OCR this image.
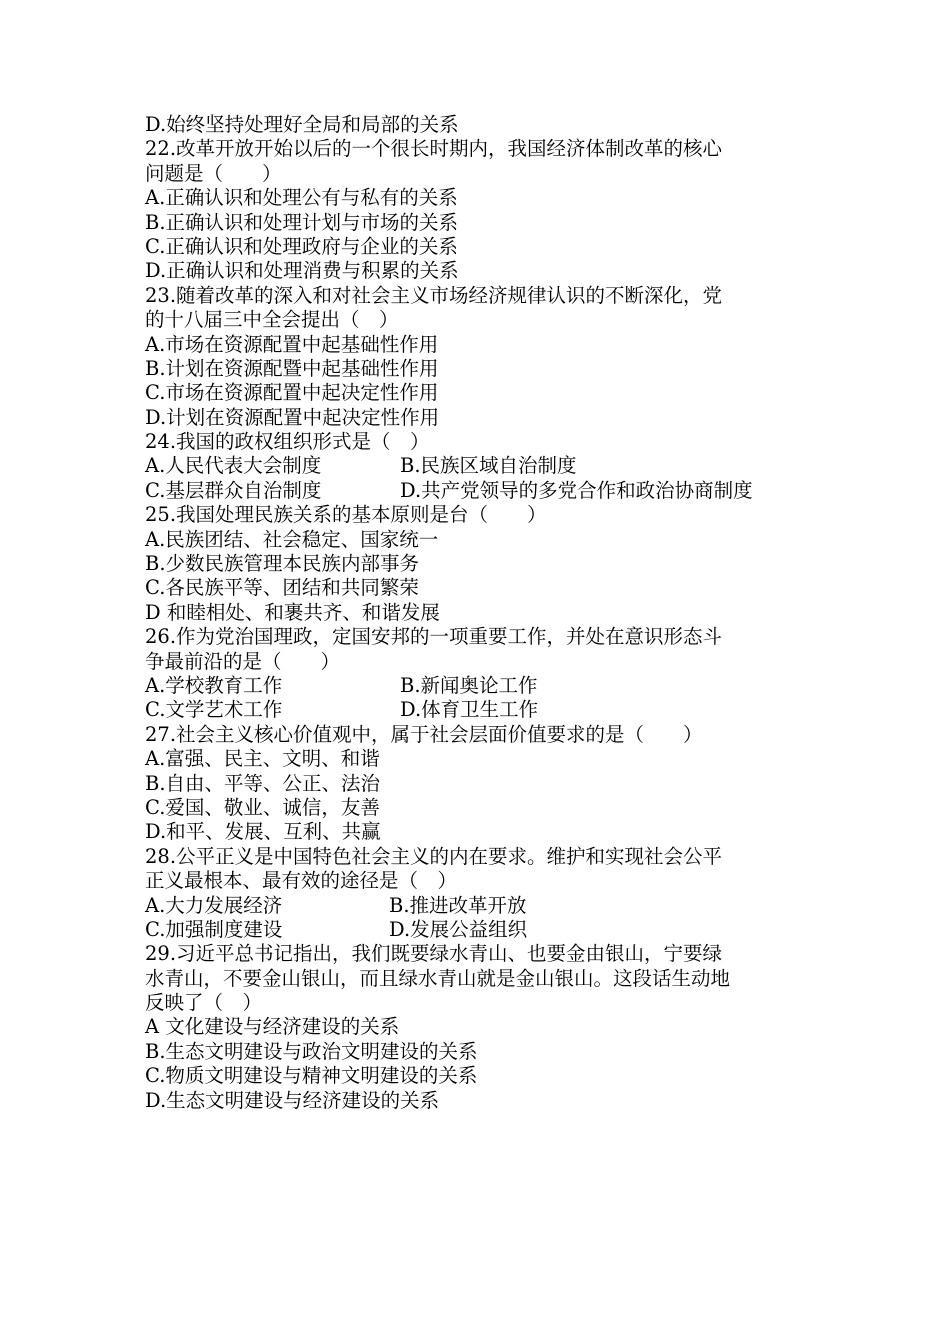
D.始终坚持处理好全局和局部的关系
22.改革开放开始以后的一个很长时期内，我国经济体制改革的核心
问题是（　　）
A.正确认识和处理公有与私有的关系
B.正确认识和处理计划与市场的关系
C.正确认识和处理政府与企业的关系
D.正确认识和处理消费与积累的关系
23.随着改革的深入和对社会主义市场经济规律认识的不断深化，党
的十八届三中全会提出（　）
A.市场在资源配置中起基础性作用
B.计划在资源配暨中起基础性作用
C.市场在资源配置中起决定性作用
D.计划在资源配置中起决定性作用
24.我国的政权组织形式是（　）
A.人民代表大会制度	B.民族区域自治制度
C.基层群众自治制度	D.共产党领导的多党合作和政治协商制度
25.我国处理民族关系的基本原则是台（　　）
A.民族团结、社会稳定、国家统一
B.少数民族管理本民族内部事务
C.各民族平等、团结和共同繁荣
D 和睦相处、和裹共齐、和谐发展
26.作为党治国理政，定国安邦的一项重要工作，并处在意识形态斗
争最前沿的是（　　）
A.学校教育工作	B.新闻奥论工作
C.文学艺术工作	D.体育卫生工作
27.社会主义核心价值观中，属于社会层面价值要求的是（　　）
A.富强、民主、文明、和谐
B.自由、平等、公正、法治
C.爱国、敬业、诚信，友善
D.和平、发展、互利、共赢
28.公平正义是中国特色社会主义的内在要求。维护和实现社会公平
正义最根本、最有效的途径是（　）
A.大力发展经济	B.推进改革开放
C.加强制度建设	D.发展公益组织
29.习近平总书记指出，我们既要绿水青山、也要金由银山，宁要绿
水青山，不要金山银山，而且绿水青山就是金山银山。这段话生动地
反映了（　）
A 文化建设与经济建设的关系
B.生态文明建设与政治文明建设的关系
C.物质文明建设与精神文明建设的关系
D.生态文明建设与经济建设的关系
